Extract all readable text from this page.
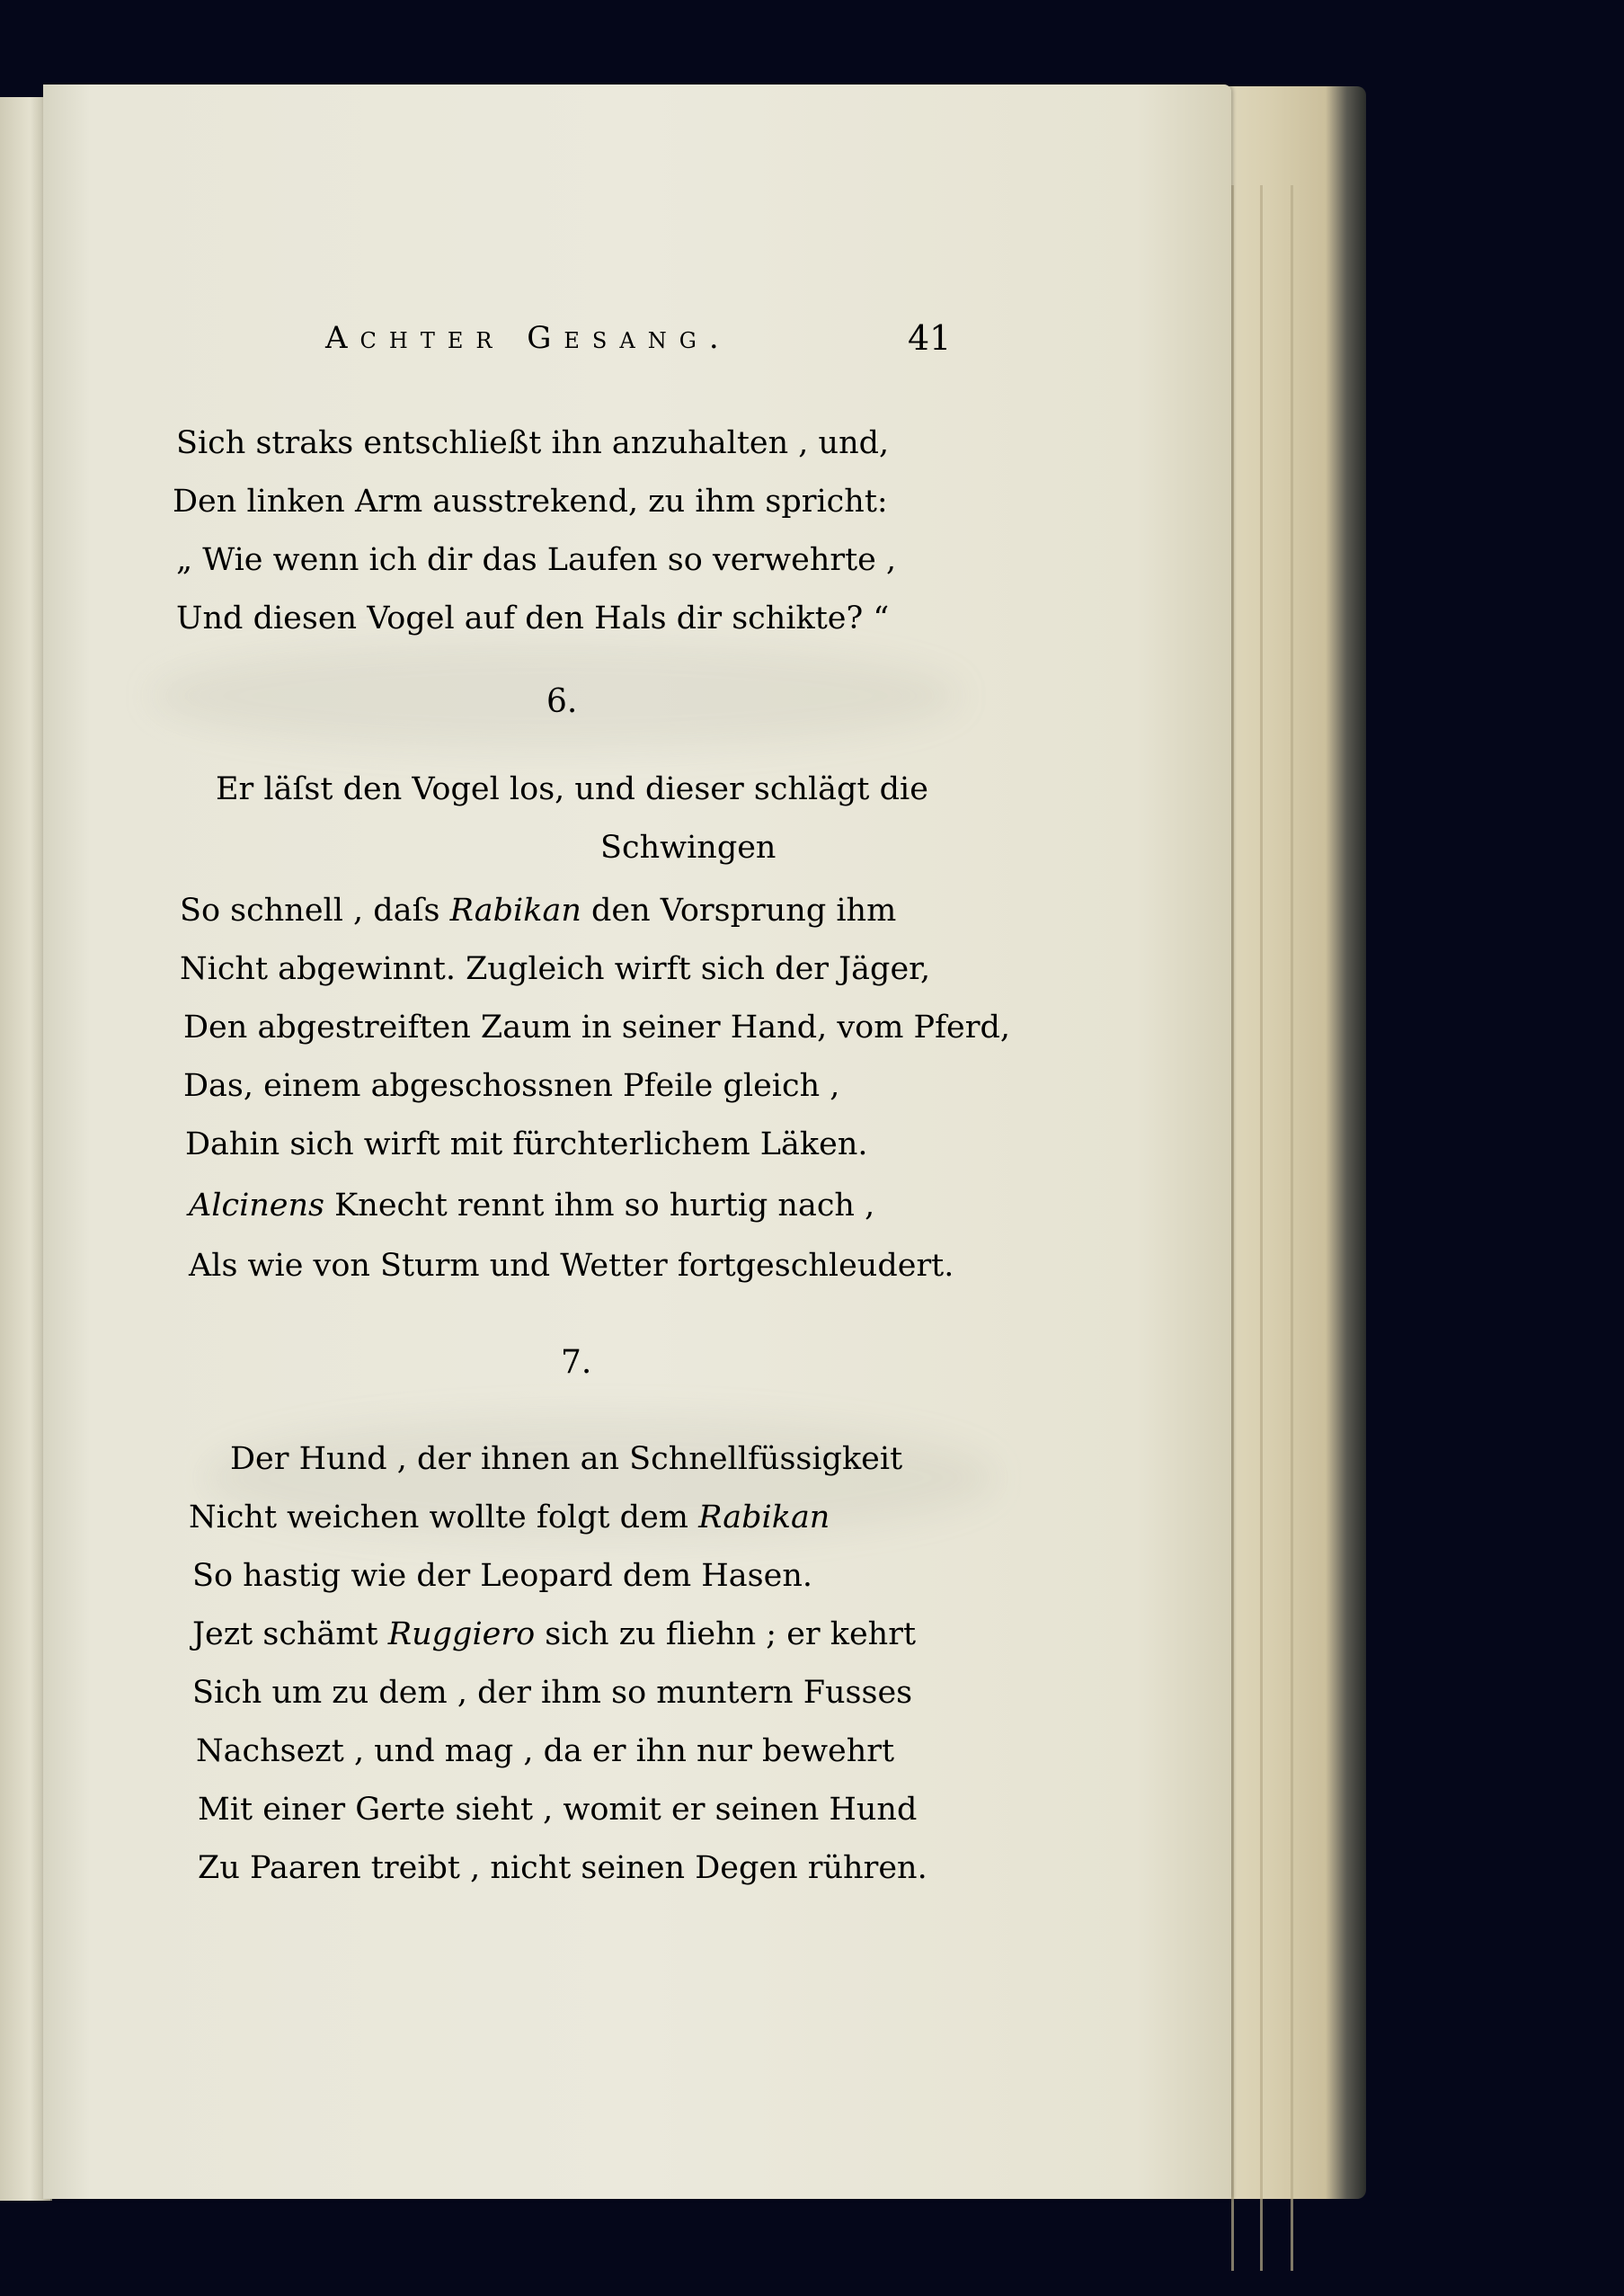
Achter Gesang.	41
Sich straks entschließt ihn anzuhalten , und,
Den linken Arm ausstrekend, zu ihm spricht:
„ Wie wenn ich dir das Laufen so verwehrte ,
Und diesen Vogel auf den Hals dir schikte? “
6.
Er läſst den Vogel los, und dieser schlägt die
Schwingen
So schnell , daſs Rabikan den Vorsprung ihm
Nicht abgewinnt. Zugleich wirft sich der Jäger,
Den abgestreiften Zaum in seiner Hand, vom Pferd,
Das, einem abgeschossnen Pfeile gleich ,
Dahin sich wirft mit fürchterlichem Läken.
Alcinens Knecht rennt ihm so hurtig nach ,
Als wie von Sturm und Wetter fortgeschleudert.
7.
Der Hund , der ihnen an Schnellfüssigkeit
Nicht weichen wollte folgt dem Rabikan
So hastig wie der Leopard dem Hasen.
Jezt schämt Ruggiero sich zu fliehn ; er kehrt
Sich um zu dem , der ihm so muntern Fusses
Nachsezt , und mag , da er ihn nur bewehrt
Mit einer Gerte sieht , womit er seinen Hund
Zu Paaren treibt , nicht seinen Degen rühren.
